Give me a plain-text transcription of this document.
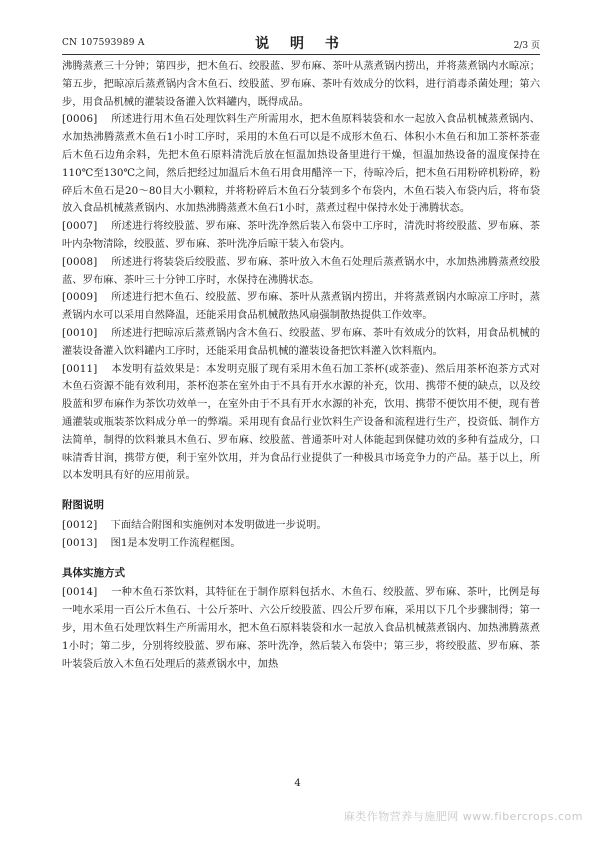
CN 107593989 A	说 明 书	2/3 页

沸腾蒸煮三十分钟；第四步，把木鱼石、绞股蓝、罗布麻、茶叶从蒸煮锅内捞出，并将蒸煮锅内水晾凉；第五步，把晾凉后蒸煮锅内含木鱼石、绞股蓝、罗布麻、茶叶有效成分的饮料，进行消毒杀菌处理；第六步，用食品机械的灌装设备灌入饮料罐内，既得成品。

[0006] 所述进行用木鱼石处理饮料生产所需用水，把木鱼原料装袋和水一起放入食品机械蒸煮锅内、水加热沸腾蒸煮木鱼石1小时工序时，采用的木鱼石可以是不成形木鱼石、体积小木鱼石和加工茶杯茶壶后木鱼石边角余料，先把木鱼石原料清洗后放在恒温加热设备里进行干燥，恒温加热设备的温度保持在110℃至130℃之间，然后把经过加温后木鱼石用食用醋淬一下，待晾冷后，把木鱼石用粉碎机粉碎，粉碎后木鱼石是20～80目大小颗粒，并将粉碎后木鱼石分装到多个布袋内，木鱼石装入布袋内后，将布袋放入食品机械蒸煮锅内、水加热沸腾蒸煮木鱼石1小时，蒸煮过程中保持水处于沸腾状态。

[0007] 所述进行将绞股蓝、罗布麻、茶叶洗净然后装入布袋中工序时，清洗时将绞股蓝、罗布麻、茶叶内杂物清除，绞股蓝、罗布麻、茶叶洗净后晾干装入布袋内。

[0008] 所述进行将装袋后绞股蓝、罗布麻、茶叶放入木鱼石处理后蒸煮锅水中，水加热沸腾蒸煮绞股蓝、罗布麻、茶叶三十分钟工序时，水保持在沸腾状态。

[0009] 所述进行把木鱼石、绞股蓝、罗布麻、茶叶从蒸煮锅内捞出，并将蒸煮锅内水晾凉工序时，蒸煮锅内水可以采用自然降温，还能采用食品机械散热风扇强制散热提供工作效率。

[0010] 所述进行把晾凉后蒸煮锅内含木鱼石、绞股蓝、罗布麻、茶叶有效成分的饮料，用食品机械的灌装设备灌入饮料罐内工序时，还能采用食品机械的灌装设备把饮料灌入饮料瓶内。

[0011] 本发明有益效果是：本发明克服了现有采用木鱼石加工茶杯(或茶壶)、然后用茶杯泡茶方式对木鱼石资源不能有效利用，茶杯泡茶在室外由于不具有开水水源的补充，饮用、携带不便的缺点，以及绞股蓝和罗布麻作为茶饮功效单一，在室外由于不具有开水水源的补充，饮用、携带不便饮用不便，现有普通灌装或瓶装茶饮料成分单一的弊端。采用现有食品行业饮料生产设备和流程进行生产，投资低、制作方法简单，制得的饮料兼具木鱼石、罗布麻、绞股蓝、普通茶叶对人体能起到保健功效的多种有益成分，口味清香甘润，携带方便，利于室外饮用，并为食品行业提供了一种极具市场竞争力的产品。基于以上，所以本发明具有好的应用前景。

附图说明

[0012] 下面结合附图和实施例对本发明做进一步说明。

[0013] 图1是本发明工作流程框图。

具体实施方式

[0014] 一种木鱼石茶饮料，其特征在于制作原料包括水、木鱼石、绞股蓝、罗布麻、茶叶，比例是每一吨水采用一百公斤木鱼石、十公斤茶叶、六公斤绞股蓝、四公斤罗布麻，采用以下几个步骤制得；第一步，用木鱼石处理饮料生产所需用水，把木鱼石原料装袋和水一起放入食品机械蒸煮锅内、加热沸腾蒸煮1小时；第二步，分别将绞股蓝、罗布麻、茶叶洗净，然后装入布袋中；第三步，将绞股蓝、罗布麻、茶叶装袋后放入木鱼石处理后的蒸煮锅水中，加热

4
麻类作物营养与施肥网 www.fibercrops.com
